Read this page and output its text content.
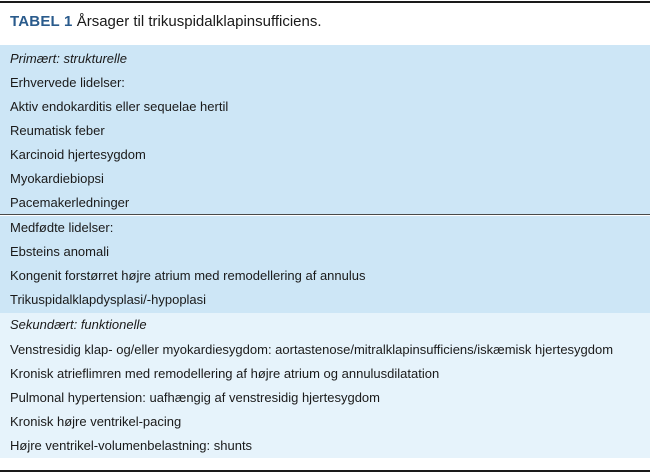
TABEL 1 Årsager til trikuspidalklapinsufficiens.
Primært: strukturelle
Erhvervede lidelser:
Aktiv endokarditis eller sequelae hertil
Reumatisk feber
Karcinoid hjertesygdom
Myokardiebiopsi
Pacemakerledninger
Medfødte lidelser:
Ebsteins anomali
Kongenit forstørret højre atrium med remodellering af annulus
Trikuspidalklapdysplasi/-hypoplasi
Sekundært: funktionelle
Venstresidig klap- og/eller myokardiesygdom: aortastenose/mitralklapinsufficiens/iskæmisk hjertesygdom
Kronisk atrieflimren med remodellering af højre atrium og annulusdilatation
Pulmonal hypertension: uafhængig af venstresidig hjertesygdom
Kronisk højre ventrikel-pacing
Højre ventrikel-volumenbelastning: shunts
